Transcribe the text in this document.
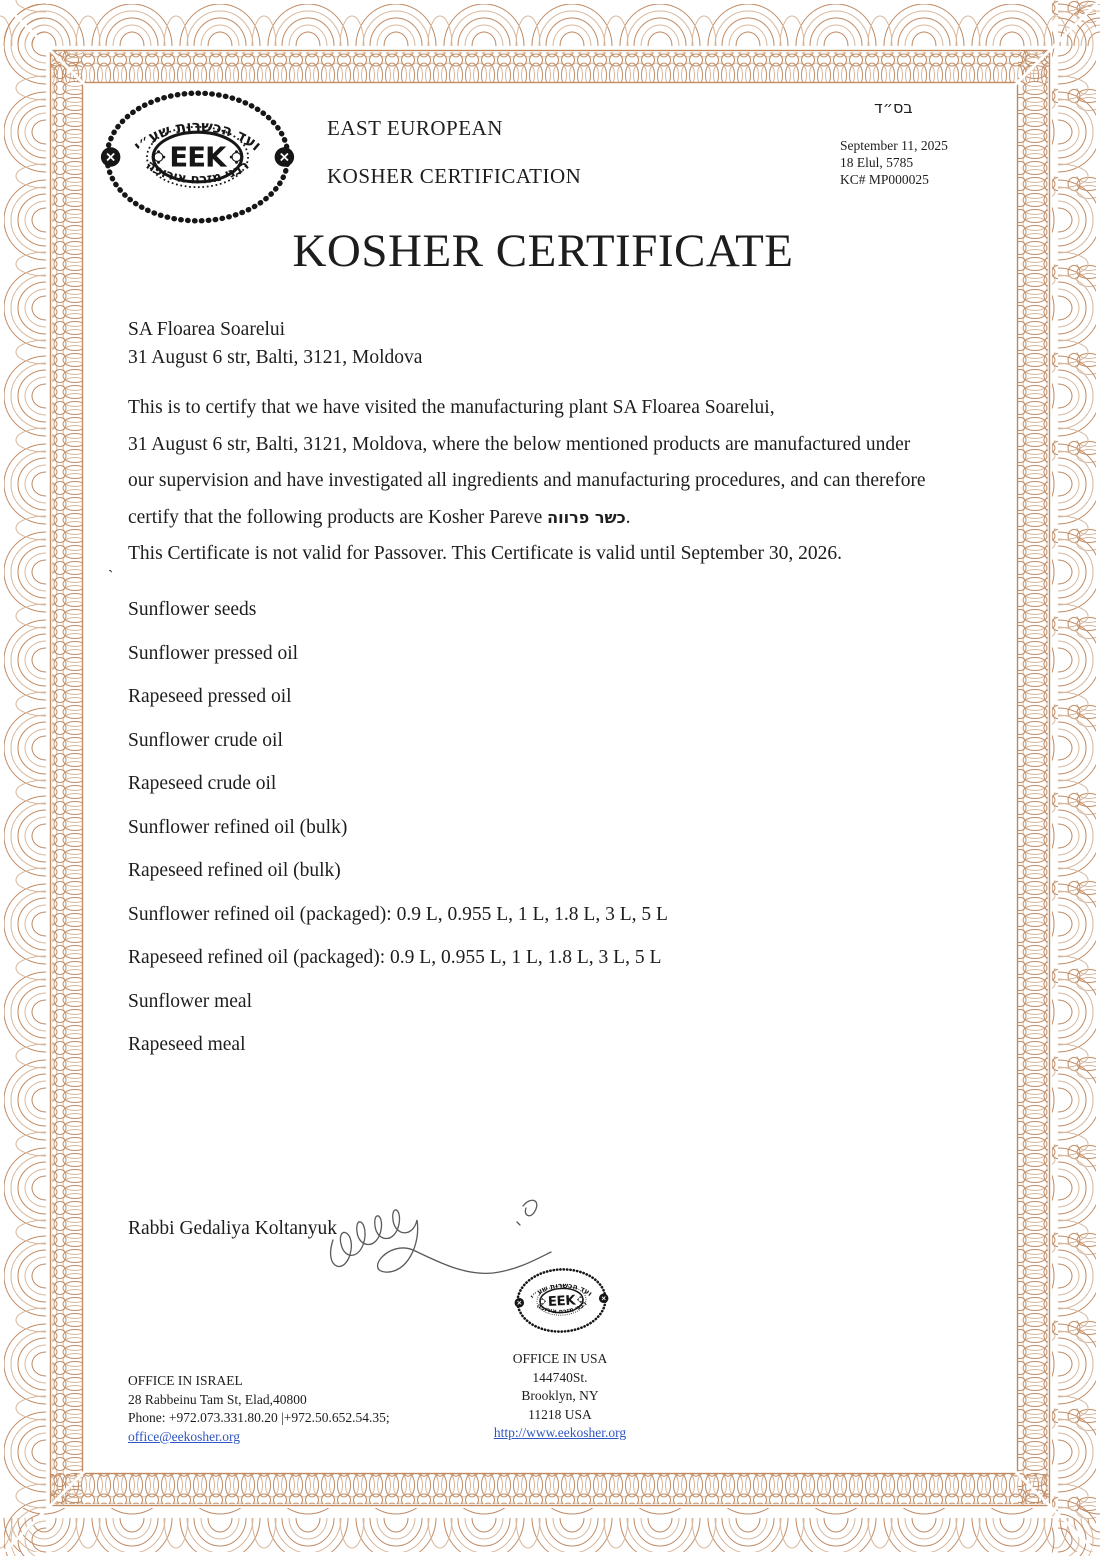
EAST EUROPEAN
KOSHER CERTIFICATION
בס״ד
September 11, 2025
18 Elul, 5785
KC# MP000025
KOSHER CERTIFICATE
SA Floarea Soarelui
31 August 6 str, Balti, 3121, Moldova
This is to certify that we have visited the manufacturing plant SA Floarea Soarelui,
31 August 6 str, Balti, 3121, Moldova, where the below mentioned products are manufactured under
our supervision and have investigated all ingredients and manufacturing procedures, and can therefore
certify that the following products are Kosher Pareve כשר פרווה.
This Certificate is not valid for Passover. This Certificate is valid until September 30, 2026.
`
Sunflower seeds
Sunflower pressed oil
Rapeseed pressed oil
Sunflower crude oil
Rapeseed crude oil
Sunflower refined oil (bulk)
Rapeseed refined oil (bulk)
Sunflower refined oil (packaged): 0.9 L, 0.955 L, 1 L, 1.8 L, 3 L, 5 L
Rapeseed refined oil (packaged): 0.9 L, 0.955 L, 1 L, 1.8 L, 3 L, 5 L
Sunflower meal
Rapeseed meal
Rabbi Gedaliya Koltanyuk
OFFICE IN ISRAEL
28 Rabbeinu Tam St, Elad,40800
Phone: +972.073.331.80.20 |+972.50.652.54.35;
office@eekosher.org
OFFICE IN USA
144740St.
Brooklyn, NY
11218 USA
http://www.eekosher.org
